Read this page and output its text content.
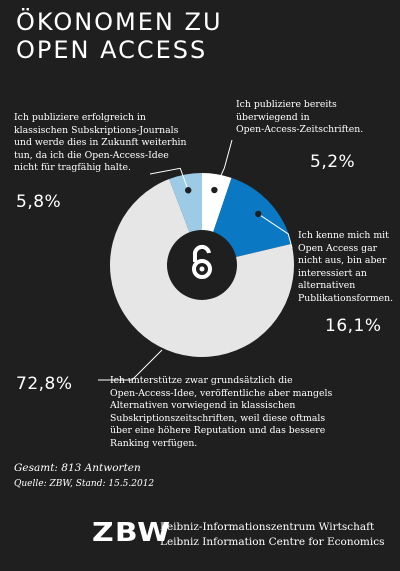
ÖKONOMEN ZU
OPEN ACCESS
Ich publiziere bereits
überwiegend in
Open-Access-Zeitschriften.
5,2%
Ich publiziere erfolgreich in
klassischen Subskriptions-Journals
und werde dies in Zukunft weiterhin
tun, da ich die Open-Access-Idee
nicht für tragfähig halte.
5,8%
Ich kenne mich mit
Open Access gar
nicht aus, bin aber
interessiert an
alternativen
Publikationsformen.
16,1%
72,8%	Ich unterstütze zwar grundsätzlich die
Open-Access-Idee, veröffentliche aber mangels
Alternativen vorwiegend in klassischen
Subskriptionszeitschriften, weil diese oftmals
über eine höhere Reputation und das bessere
Ranking verfügen.
Gesamt: 813 Antworten
Quelle: ZBW, Stand: 15.5.2012
ZBW
Leibniz-Informationszentrum Wirtschaft
Leibniz Information Centre for Economics
